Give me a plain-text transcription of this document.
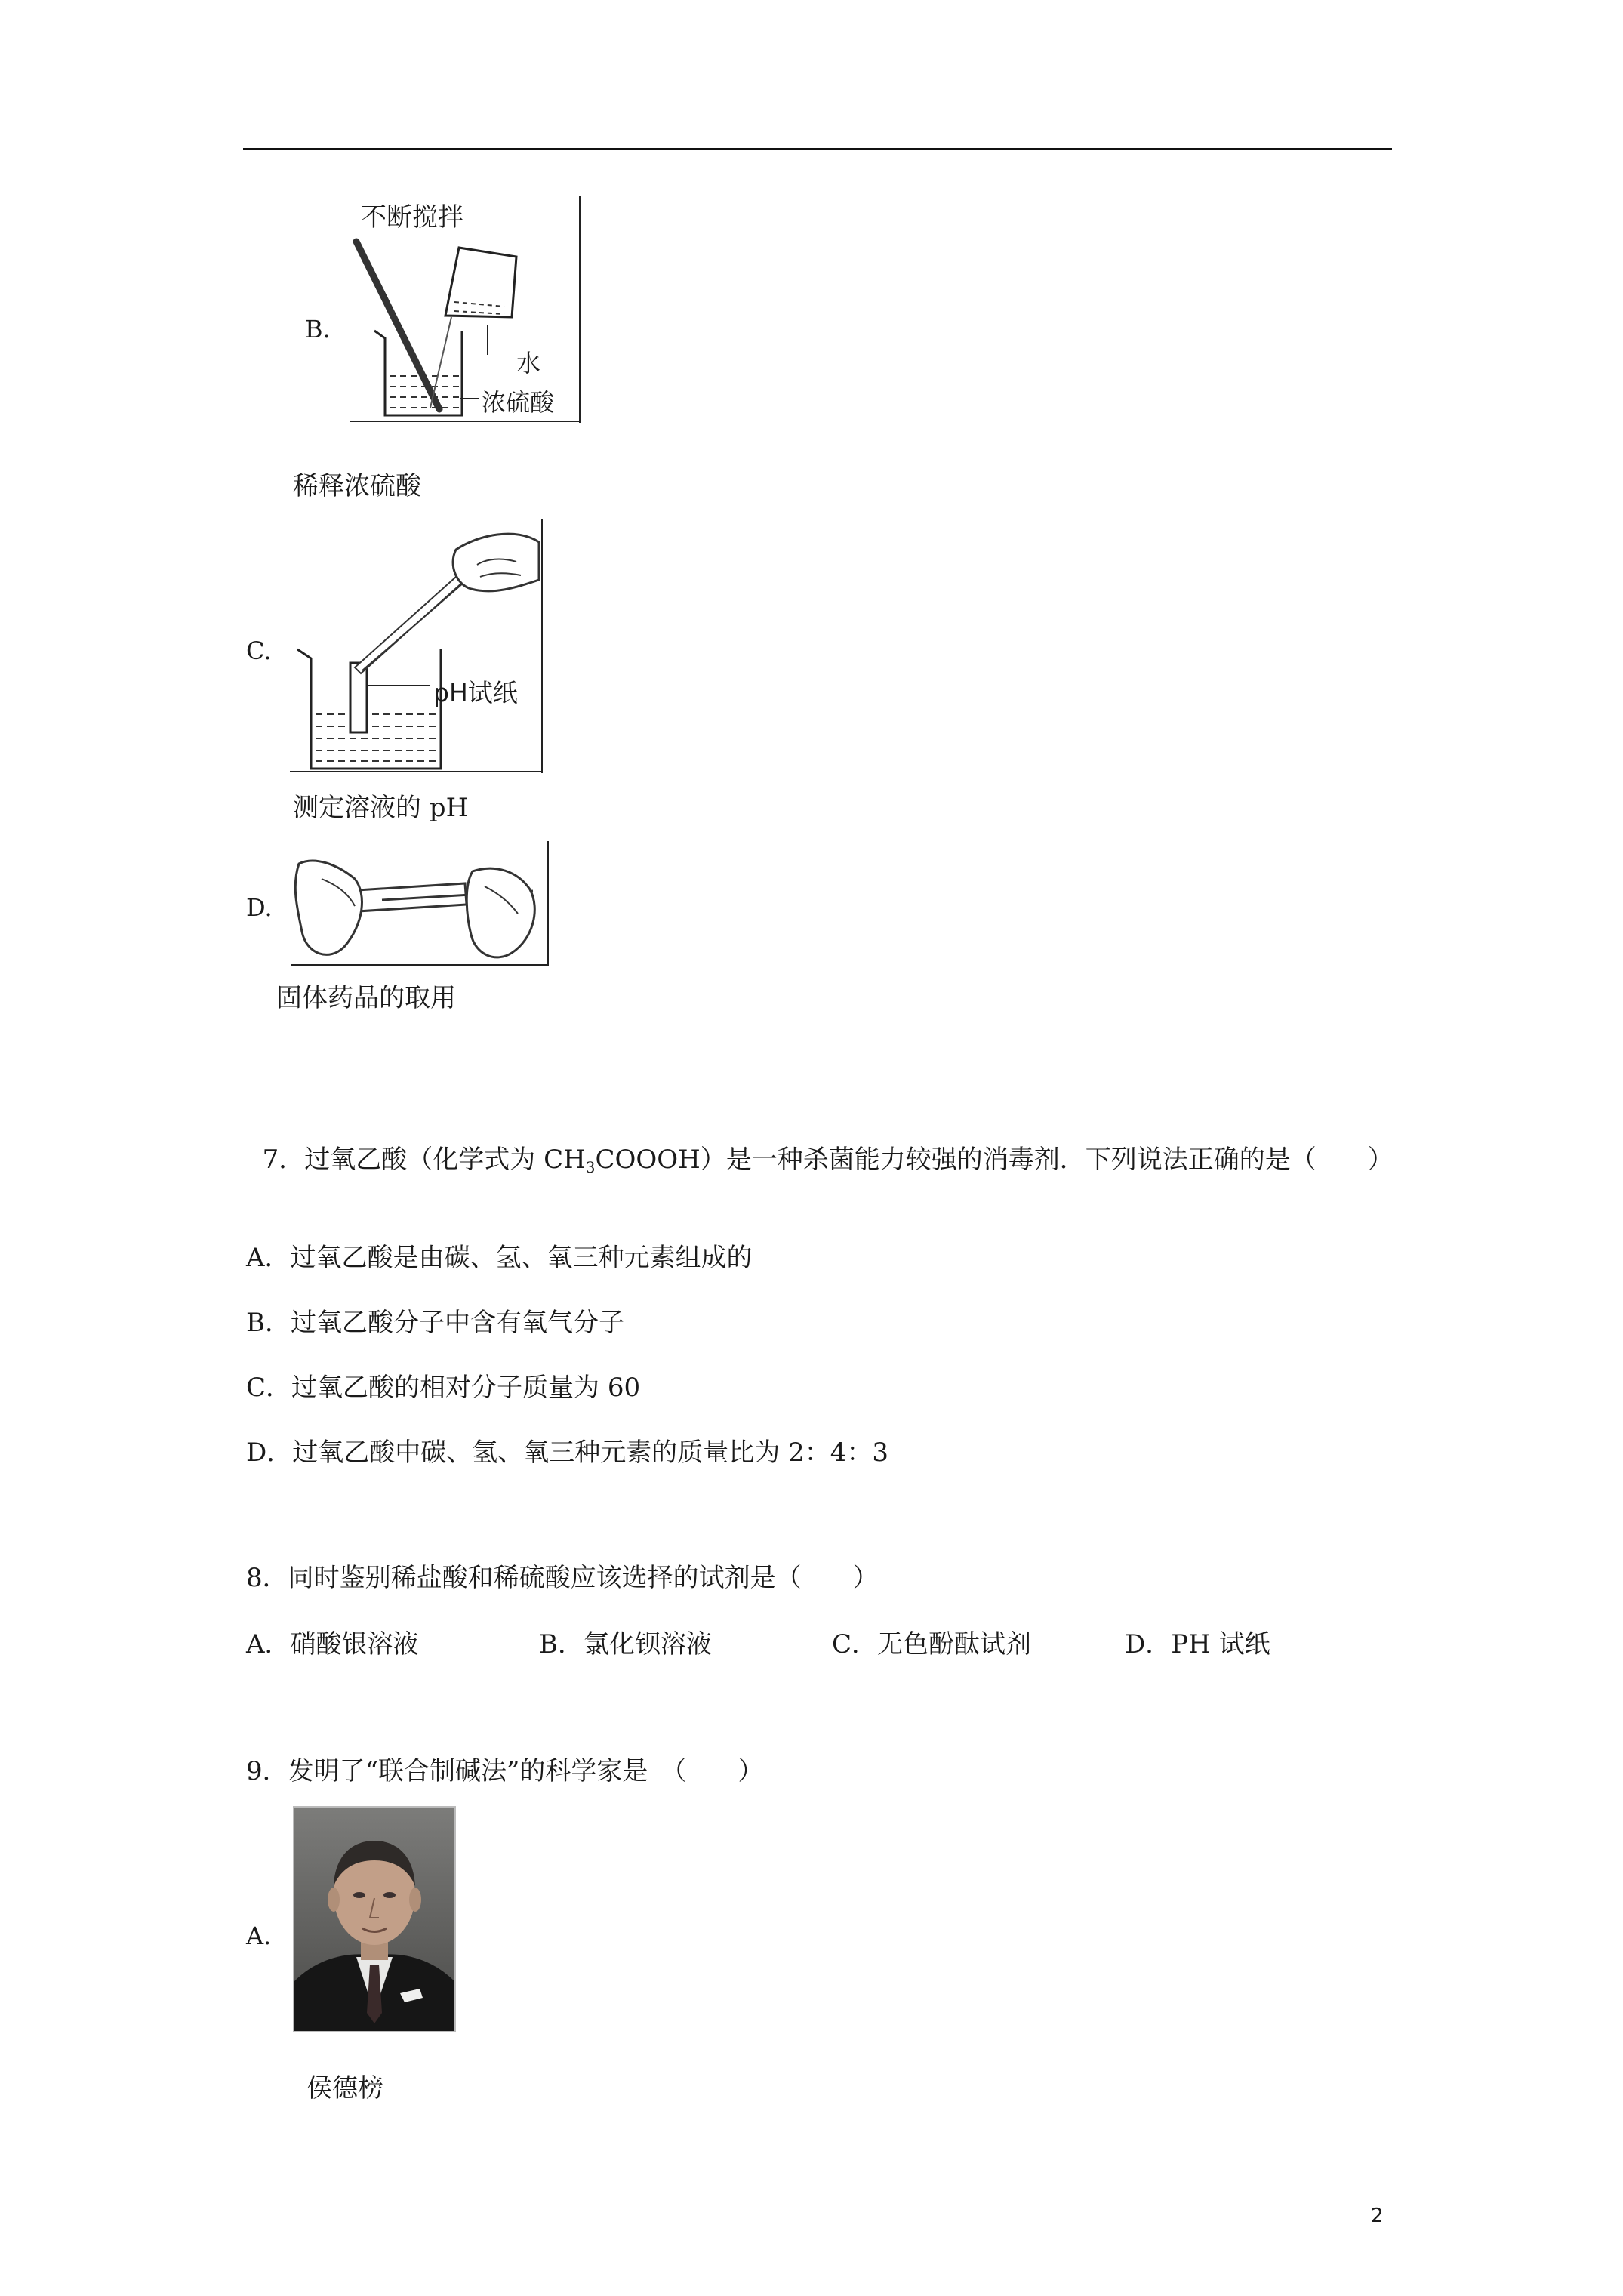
B.
不断搅拌
水
浓硫酸
稀释浓硫酸
C.
pH试纸
测定溶液的 pH
D.
固体药品的取用

7．过氧乙酸（化学式为 $CH_3COOOH$）是一种杀菌能力较强的消毒剂．下列说法正确的是（　　）

A．过氧乙酸是由碳、氢、氧三种元素组成的
B．过氧乙酸分子中含有氧气分子
C．过氧乙酸的相对分子质量为 60
D．过氧乙酸中碳、氢、氧三种元素的质量比为 2：4：3
8．同时鉴别稀盐酸和稀硫酸应该选择的试剂是（　　）
A．硝酸银溶液	B．氯化钡溶液	C．无色酚酞试剂	D．PH 试纸
9．发明了“联合制碱法”的科学家是　（　　）
A.
侯德榜
2
